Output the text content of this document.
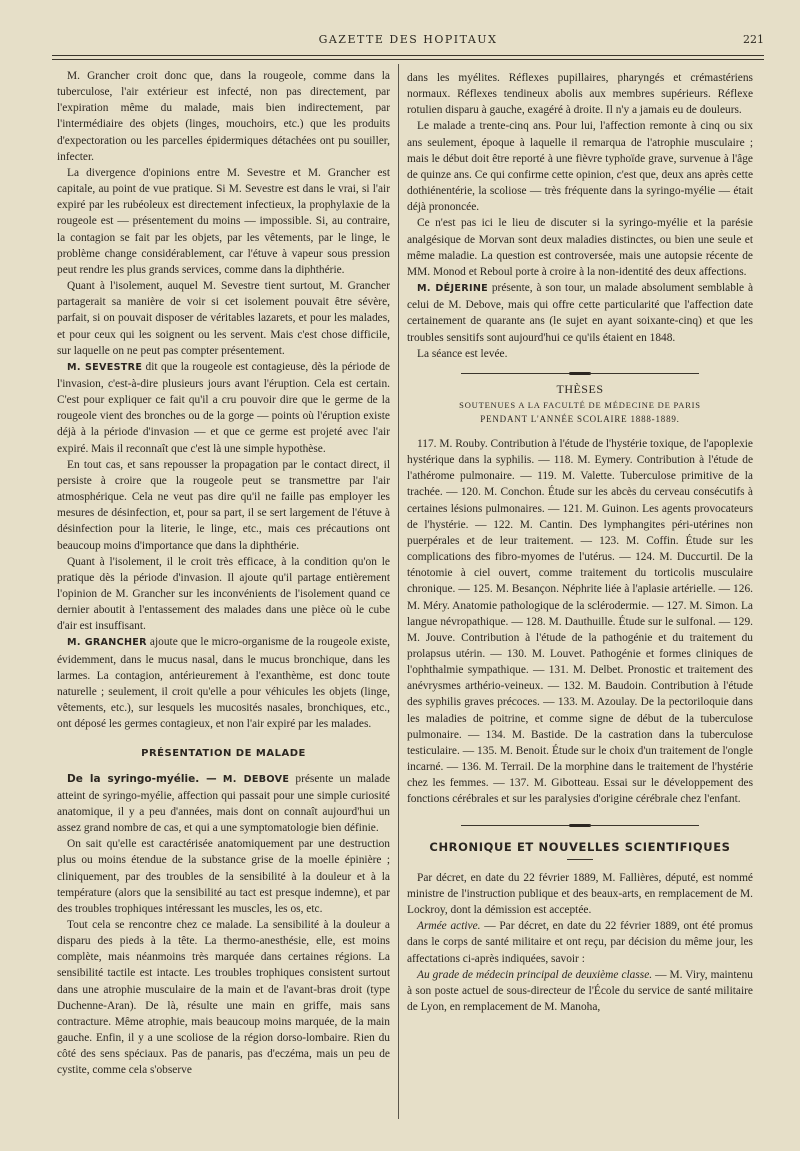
GAZETTE DES HOPITAUX	221

M. Grancher croit donc que, dans la rougeole, comme dans la tuberculose, l'air extérieur est infecté, non pas directement, par l'expiration même du malade, mais bien indirectement, par l'intermédiaire des objets (linges, mouchoirs, etc.) que les produits d'expectoration ou les parcelles épidermiques détachées ont pu souiller, infecter.

La divergence d'opinions entre M. Sevestre et M. Grancher est capitale, au point de vue pratique. Si M. Sevestre est dans le vrai, si l'air expiré par les rubéoleux est directement infectieux, la prophylaxie de la rougeole est — présentement du moins — impossible. Si, au contraire, la contagion se fait par les objets, par les vêtements, par le linge, le problème change considérablement, car l'étuve à vapeur sous pression peut rendre les plus grands services, comme dans la diphthérie.

Quant à l'isolement, auquel M. Sevestre tient surtout, M. Grancher partagerait sa manière de voir si cet isolement pouvait être sévère, parfait, si on pouvait disposer de véritables lazarets, et pour les malades, et pour ceux qui les soignent ou les servent. Mais c'est chose difficile, sur laquelle on ne peut pas compter présentement.

M. SEVESTRE dit que la rougeole est contagieuse, dès la période de l'invasion, c'est-à-dire plusieurs jours avant l'éruption. Cela est certain. C'est pour expliquer ce fait qu'il a cru pouvoir dire que le germe de la rougeole vient des bronches ou de la gorge — points où l'éruption existe déjà à la période d'invasion — et que ce germe est projeté avec l'air expiré. Mais il reconnaît que c'est là une simple hypothèse.

En tout cas, et sans repousser la propagation par le contact direct, il persiste à croire que la rougeole peut se transmettre par l'air atmosphérique. Cela ne veut pas dire qu'il ne faille pas employer les mesures de désinfection, et, pour sa part, il se sert largement de l'étuve à désinfection pour la literie, le linge, etc., mais ces précautions ont beaucoup moins d'importance que dans la diphthérie.

Quant à l'isolement, il le croit très efficace, à la condition qu'on le pratique dès la période d'invasion. Il ajoute qu'il partage entièrement l'opinion de M. Grancher sur les inconvénients de l'isolement quand ce dernier aboutit à l'entassement des malades dans une pièce où le cube d'air est insuffisant.

M. GRANCHER ajoute que le micro-organisme de la rougeole existe, évidemment, dans le mucus nasal, dans le mucus bronchique, dans les larmes. La contagion, antérieurement à l'exanthème, est donc toute naturelle ; seulement, il croit qu'elle a pour véhicules les objets (linge, vêtements, etc.), sur lesquels les mucosités nasales, bronchiques, etc., ont déposé les germes contagieux, et non l'air expiré par les malades.

PRÉSENTATION DE MALADE

De la syringo-myélie. — M. DEBOVE présente un malade atteint de syringo-myélie, affection qui passait pour une simple curiosité anatomique, il y a peu d'années, mais dont on connaît aujourd'hui un assez grand nombre de cas, et qui a une symptomatologie bien définie.

On sait qu'elle est caractérisée anatomiquement par une destruction plus ou moins étendue de la substance grise de la moelle épinière ; cliniquement, par des troubles de la sensibilité à la douleur et à la température (alors que la sensibilité au tact est presque indemne), et par des troubles trophiques intéressant les muscles, les os, etc.

Tout cela se rencontre chez ce malade. La sensibilité à la douleur a disparu des pieds à la tête. La thermo-anesthésie, elle, est moins complète, mais néanmoins très marquée dans certaines régions. La sensibilité tactile est intacte. Les troubles trophiques consistent surtout dans une atrophie musculaire de la main et de l'avant-bras droit (type Duchenne-Aran). De là, résulte une main en griffe, mais sans contracture. Même atrophie, mais beaucoup moins marquée, de la main gauche. Enfin, il y a une scoliose de la région dorso-lombaire. Rien du côté des sens spéciaux. Pas de panaris, pas d'eczéma, mais un peu de cystite, comme cela s'observe

dans les myélites. Réflexes pupillaires, pharyngés et crémastériens normaux. Réflexes tendineux abolis aux membres supérieurs. Réflexe rotulien disparu à gauche, exagéré à droite. Il n'y a jamais eu de douleurs.

Le malade a trente-cinq ans. Pour lui, l'affection remonte à cinq ou six ans seulement, époque à laquelle il remarqua de l'atrophie musculaire ; mais le début doit être reporté à une fièvre typhoïde grave, survenue à l'âge de quinze ans. Ce qui confirme cette opinion, c'est que, deux ans après cette dothiénentérie, la scoliose — très fréquente dans la syringo-myélie — était déjà prononcée.

Ce n'est pas ici le lieu de discuter si la syringo-myélie et la parésie analgésique de Morvan sont deux maladies distinctes, ou bien une seule et même maladie. La question est controversée, mais une autopsie récente de MM. Monod et Reboul porte à croire à la non-identité des deux affections.

M. DÉJERINE présente, à son tour, un malade absolument semblable à celui de M. Debove, mais qui offre cette particularité que l'affection date certainement de quarante ans (le sujet en ayant soixante-cinq) et que les troubles sensitifs sont aujourd'hui ce qu'ils étaient en 1848.

La séance est levée.

THÈSES
SOUTENUES A LA FACULTÉ DE MÉDECINE DE PARIS
PENDANT L'ANNÉE SCOLAIRE 1888-1889.

117. M. Rouby. Contribution à l'étude de l'hystérie toxique, de l'apoplexie hystérique dans la syphilis. — 118. M. Eymery. Contribution à l'étude de l'athérome pulmonaire. — 119. M. Valette. Tuberculose primitive de la trachée. — 120. M. Conchon. Étude sur les abcès du cerveau consécutifs à certaines lésions pulmonaires. — 121. M. Guinon. Les agents provocateurs de l'hystérie. — 122. M. Cantin. Des lymphangites péri-utérines non puerpérales et de leur traitement. — 123. M. Coffin. Étude sur les complications des fibro-myomes de l'utérus. — 124. M. Duccurtil. De la ténotomie à ciel ouvert, comme traitement du torticolis musculaire chronique. — 125. M. Besançon. Néphrite liée à l'aplasie artérielle. — 126. M. Méry. Anatomie pathologique de la sclérodermie. — 127. M. Simon. La langue névropathique. — 128. M. Dauthuille. Étude sur le sulfonal. — 129. M. Jouve. Contribution à l'étude de la pathogénie et du traitement du prolapsus utérin. — 130. M. Louvet. Pathogénie et formes cliniques de l'ophthalmie sympathique. — 131. M. Delbet. Pronostic et traitement des anévrysmes arthério-veineux. — 132. M. Baudoin. Contribution à l'étude des syphilis graves précoces. — 133. M. Azoulay. De la pectoriloquie dans les maladies de poitrine, et comme signe de début de la tuberculose pulmonaire. — 134. M. Bastide. De la castration dans la tuberculose testiculaire. — 135. M. Benoit. Étude sur le choix d'un traitement de l'ongle incarné. — 136. M. Terrail. De la morphine dans le traitement de l'hystérie chez les femmes. — 137. M. Gibotteau. Essai sur le développement des fonctions cérébrales et sur les paralysies d'origine cérébrale chez l'enfant.

CHRONIQUE ET NOUVELLES SCIENTIFIQUES

Par décret, en date du 22 février 1889, M. Fallières, député, est nommé ministre de l'instruction publique et des beaux-arts, en remplacement de M. Lockroy, dont la démission est acceptée.

Armée active. — Par décret, en date du 22 février 1889, ont été promus dans le corps de santé militaire et ont reçu, par décision du même jour, les affectations ci-après indiquées, savoir :

Au grade de médecin principal de deuxième classe. — M. Viry, maintenu à son poste actuel de sous-directeur de l'École du service de santé militaire de Lyon, en remplacement de M. Manoha,
